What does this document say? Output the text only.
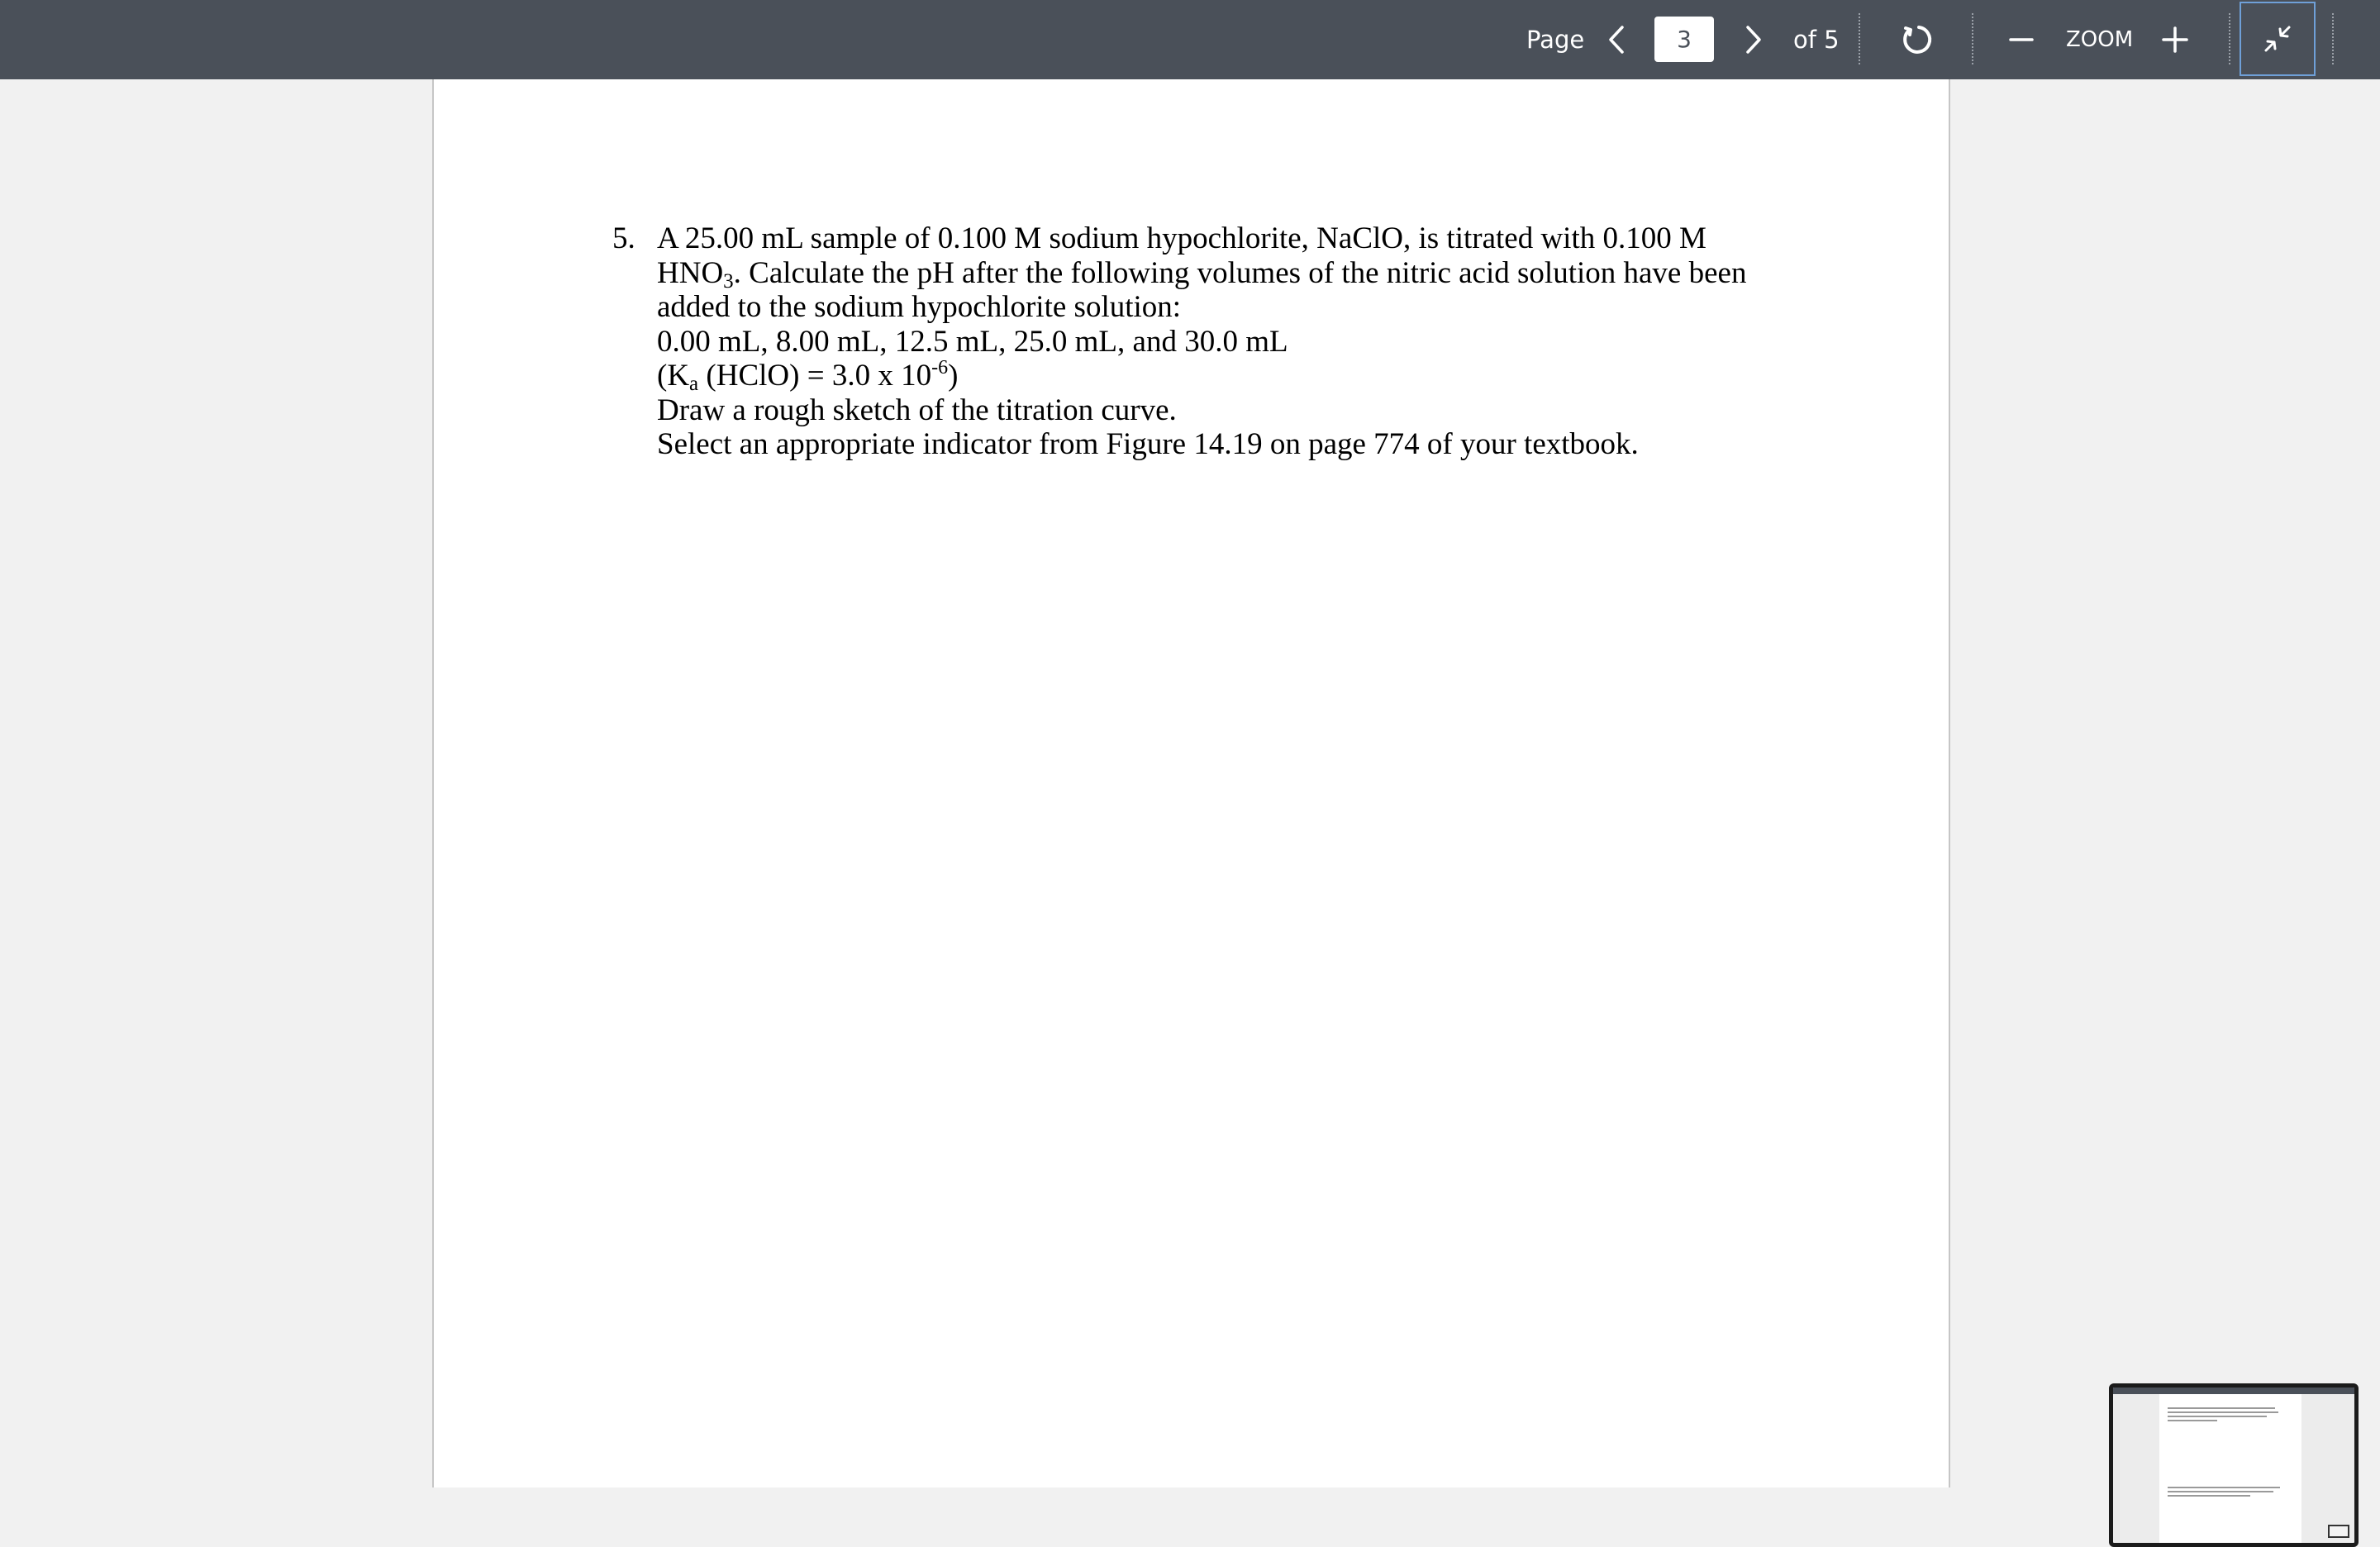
Page
3	of 5	ZOOM
5. A 25.00 mL sample of 0.100 M sodium hypochlorite, NaClO, is titrated with 0.100 M
$HNO_3$. Calculate the pH after the following volumes of the nitric acid solution have been
added to the sodium hypochlorite solution:
0.00 mL, 8.00 mL, 12.5 mL, 25.0 mL, and 30.0 mL
($K_a$ (HClO) = 3.0 x $10^{-6}$)
Draw a rough sketch of the titration curve.
Select an appropriate indicator from Figure 14.19 on page 774 of your textbook.
